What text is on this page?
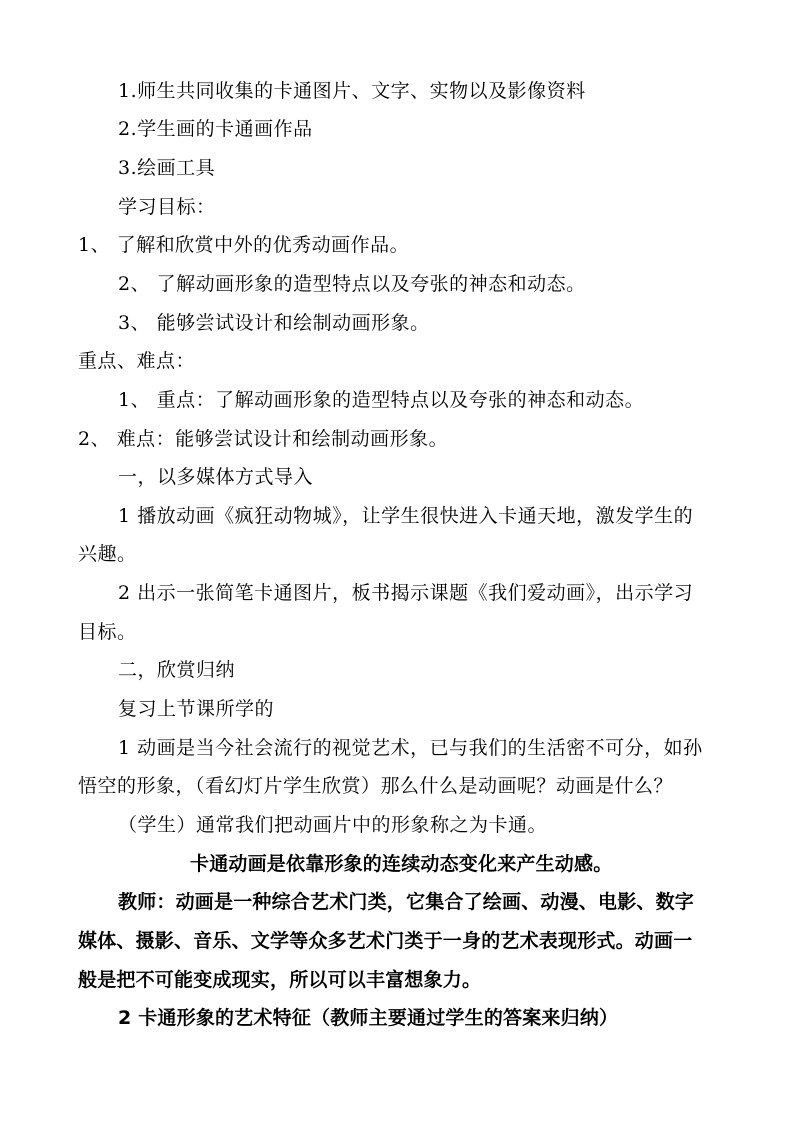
1.师生共同收集的卡通图片、文字、实物以及影像资料
2.学生画的卡通画作品
3.绘画工具
学习目标：
1、 了解和欣赏中外的优秀动画作品。
2、 了解动画形象的造型特点以及夸张的神态和动态。
3、 能够尝试设计和绘制动画形象。
重点、难点：
1、 重点：了解动画形象的造型特点以及夸张的神态和动态。
2、 难点：能够尝试设计和绘制动画形象。
一，以多媒体方式导入
1 播放动画《疯狂动物城》，让学生很快进入卡通天地，激发学生的
兴趣。
2 出示一张简笔卡通图片，板书揭示课题《我们爱动画》，出示学习
目标。
二，欣赏归纳
复习上节课所学的
1 动画是当今社会流行的视觉艺术，已与我们的生活密不可分，如孙
悟空的形象，（看幻灯片学生欣赏）那么什么是动画呢？动画是什么？
（学生）通常我们把动画片中的形象称之为卡通。
卡通动画是依靠形象的连续动态变化来产生动感。
教师：动画是一种综合艺术门类，它集合了绘画、动漫、电影、数字
媒体、摄影、音乐、文学等众多艺术门类于一身的艺术表现形式。动画一
般是把不可能变成现实，所以可以丰富想象力。
2 卡通形象的艺术特征（教师主要通过学生的答案来归纳）
